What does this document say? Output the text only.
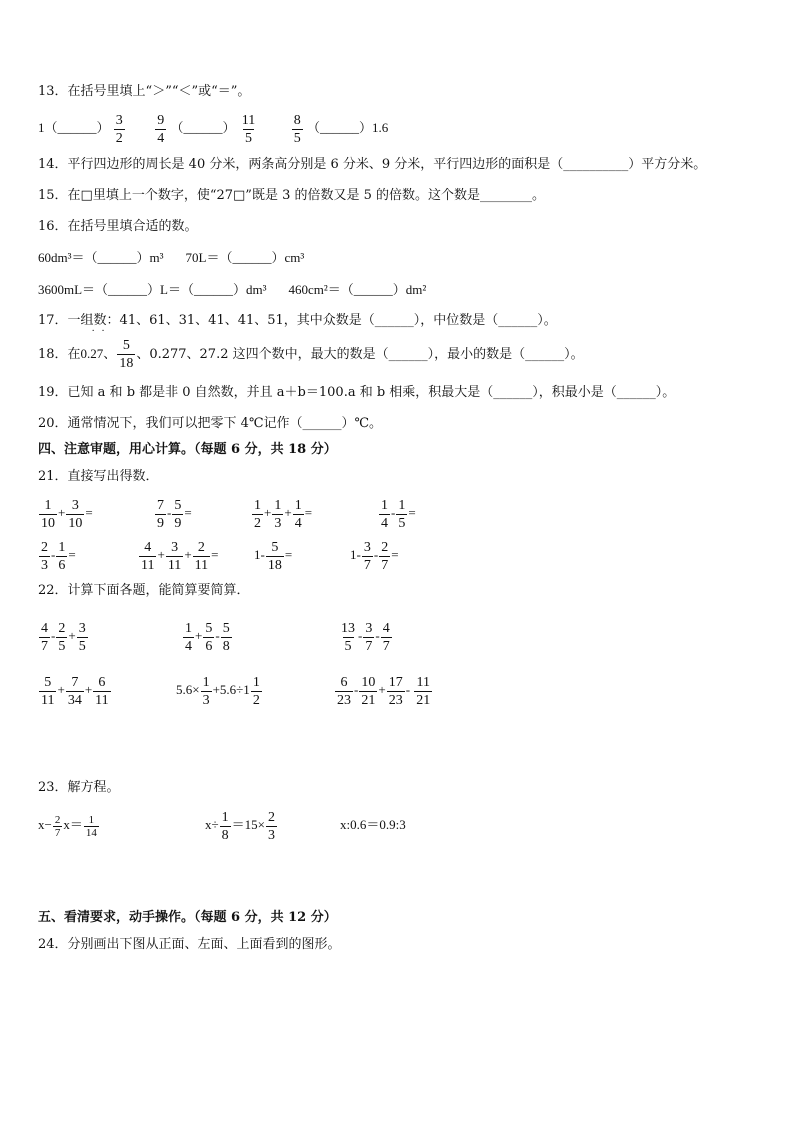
13．在括号里填上“＞”“＜”或“＝”。
1（______） $\frac{3}{2}$
$\frac{9}{4}$ （______） $\frac{11}{5}$
$\frac{8}{5}$ （______）1.6
14．平行四边形的周长是 40 分米，两条高分别是 6 分米、9 分米，平行四边形的面积是（__________）平方分米。
15．在□里填上一个数字，使“27□”既是 3 的倍数又是 5 的倍数。这个数是________。
16．在括号里填合适的数。
60dm³＝（______）m³ 70L＝（______）cm³
3600mL＝（______）L＝（______）dm³ 460cm²＝（______）dm²
17．一组数：41、61、31、41、41、51，其中众数是（______），中位数是（______）。
18．在
· ·
0.27、 $\frac{5}{18}$ 、0.277、27.2 这四个数中，最大的数是（______），最小的数是（______）。
19．已知 a 和 b 都是非 0 自然数，并且 a＋b＝100.a 和 b 相乘，积最大是（______），积最小是（______）。
20．通常情况下，我们可以把零下 4℃记作（______）℃。
四、注意审题，用心计算。（每题 6 分，共 18 分）
21．直接写出得数．
$\frac{1}{10} + \frac{3}{10}$ =	$\frac{7}{9} - \frac{5}{9}$ =	$\frac{1}{2} + \frac{1}{3} + \frac{1}{4}$ =	$\frac{1}{4} - \frac{1}{5}$ =
$\frac{2}{3} - \frac{1}{6}$ =	$\frac{4}{11} + \frac{3}{11} + \frac{2}{11}$ =	$1- \frac{5}{18}$ =	$1- \frac{3}{7} - \frac{2}{7}$ =
22．计算下面各题，能简算要简算．
$\frac{4}{7} - \frac{2}{5} + \frac{3}{5}$	$\frac{1}{4} + \frac{5}{6} - \frac{5}{8}$	$\frac{13}{5} - \frac{3}{7} - \frac{4}{7}$
$\frac{5}{11} + \frac{7}{34} + \frac{6}{11}$	$5.6\times \frac{1}{3} +5.6\div 1 \frac{1}{2}$	$\frac{6}{23} - \frac{10}{21} + \frac{17}{23} - \frac{11}{21}$
23．解方程。
$x- \frac{2}{7} x= \frac{1}{14}$	$x\div \frac{1}{8} =15\times \frac{2}{3}$	x:0.6＝0.9:3
五、看清要求，动手操作。（每题 6 分，共 12 分）
24．分别画出下图从正面、左面、上面看到的图形。
